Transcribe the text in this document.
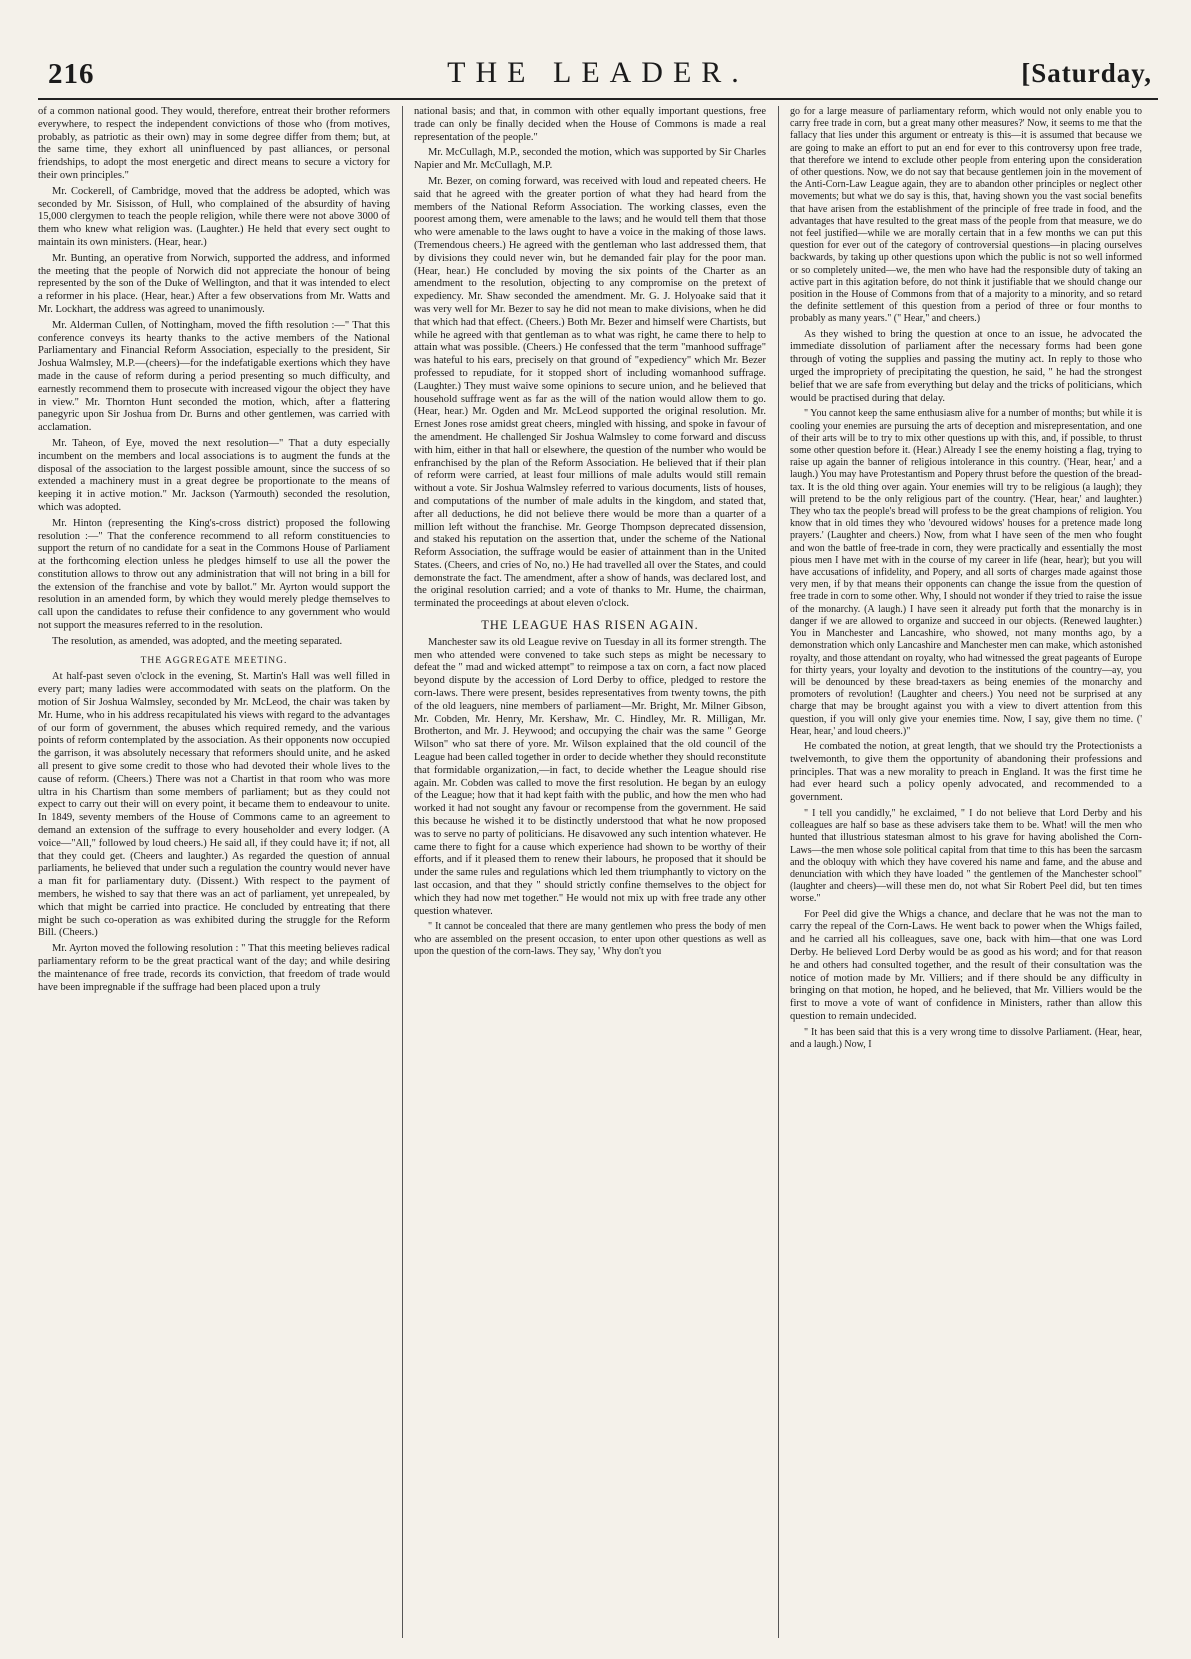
216	THE LEADER.	[Saturday,

of a common national good. They would, therefore, entreat their brother reformers everywhere, to respect the independent convictions of those who (from motives, probably, as patriotic as their own) may in some degree differ from them; but, at the same time, they exhort all uninfluenced by past alliances, or personal friendships, to adopt the most energetic and direct means to secure a victory for their own principles."

Mr. Cockerell, of Cambridge, moved that the address be adopted, which was seconded by Mr. Sisisson, of Hull, who complained of the absurdity of having 15,000 clergymen to teach the people religion, while there were not above 3000 of them who knew what religion was. (Laughter.) He held that every sect ought to maintain its own ministers. (Hear, hear.)

Mr. Bunting, an operative from Norwich, supported the address, and informed the meeting that the people of Norwich did not appreciate the honour of being represented by the son of the Duke of Wellington, and that it was intended to elect a reformer in his place. (Hear, hear.) After a few observations from Mr. Watts and Mr. Lockhart, the address was agreed to unanimously.

Mr. Alderman Cullen, of Nottingham, moved the fifth resolution :—" That this conference conveys its hearty thanks to the active members of the National Parliamentary and Financial Reform Association, especially to the president, Sir Joshua Walmsley, M.P.—(cheers)—for the indefatigable exertions which they have made in the cause of reform during a period presenting so much difficulty, and earnestly recommend them to prosecute with increased vigour the object they have in view." Mr. Thornton Hunt seconded the motion, which, after a flattering panegyric upon Sir Joshua from Dr. Burns and other gentlemen, was carried with acclamation.

Mr. Taheon, of Eye, moved the next resolution—" That a duty especially incumbent on the members and local associations is to augment the funds at the disposal of the association to the largest possible amount, since the success of so extended a machinery must in a great degree be proportionate to the means of keeping it in active motion." Mr. Jackson (Yarmouth) seconded the resolution, which was adopted.

Mr. Hinton (representing the King's-cross district) proposed the following resolution :—" That the conference recommend to all reform constituencies to support the return of no candidate for a seat in the Commons House of Parliament at the forthcoming election unless he pledges himself to use all the power the constitution allows to throw out any administration that will not bring in a bill for the extension of the franchise and vote by ballot." Mr. Ayrton would support the resolution in an amended form, by which they would merely pledge themselves to call upon the candidates to refuse their confidence to any government who would not support the measures referred to in the resolution.

The resolution, as amended, was adopted, and the meeting separated.

THE AGGREGATE MEETING.

At half-past seven o'clock in the evening, St. Martin's Hall was well filled in every part; many ladies were accommodated with seats on the platform. On the motion of Sir Joshua Walmsley, seconded by Mr. McLeod, the chair was taken by Mr. Hume, who in his address recapitulated his views with regard to the advantages of our form of government, the abuses which required remedy, and the various points of reform contemplated by the association. As their opponents now occupied the garrison, it was absolutely necessary that reformers should unite, and he asked all present to give some credit to those who had devoted their whole lives to the cause of reform. (Cheers.) There was not a Chartist in that room who was more ultra in his Chartism than some members of parliament; but as they could not expect to carry out their will on every point, it became them to endeavour to unite. In 1849, seventy members of the House of Commons came to an agreement to demand an extension of the suffrage to every householder and every lodger. (A voice—"All," followed by loud cheers.) He said all, if they could have it; if not, all that they could get. (Cheers and laughter.) As regarded the question of annual parliaments, he believed that under such a regulation the country would never have a man fit for parliamentary duty. (Dissent.) With respect to the payment of members, he wished to say that there was an act of parliament, yet unrepealed, by which that might be carried into practice. He concluded by entreating that there might be such co-operation as was exhibited during the struggle for the Reform Bill. (Cheers.)

Mr. Ayrton moved the following resolution : " That this meeting believes radical parliamentary reform to be the great practical want of the day; and while desiring the maintenance of free trade, records its conviction, that freedom of trade would have been impregnable if the suffrage had been placed upon a truly

national basis; and that, in common with other equally important questions, free trade can only be finally decided when the House of Commons is made a real representation of the people."

Mr. McCullagh, M.P., seconded the motion, which was supported by Sir Charles Napier and Mr. McCullagh, M.P.

Mr. Bezer, on coming forward, was received with loud and repeated cheers. He said that he agreed with the greater portion of what they had heard from the members of the National Reform Association. The working classes, even the poorest among them, were amenable to the laws; and he would tell them that those who were amenable to the laws ought to have a voice in the making of those laws. (Tremendous cheers.) He agreed with the gentleman who last addressed them, that by divisions they could never win, but he demanded fair play for the poor man. (Hear, hear.) He concluded by moving the six points of the Charter as an amendment to the resolution, objecting to any compromise on the pretext of expediency. Mr. Shaw seconded the amendment. Mr. G. J. Holyoake said that it was very well for Mr. Bezer to say he did not mean to make divisions, when he did that which had that effect. (Cheers.) Both Mr. Bezer and himself were Chartists, but while he agreed with that gentleman as to what was right, he came there to help to attain what was possible. (Cheers.) He confessed that the term "manhood suffrage" was hateful to his ears, precisely on that ground of "expediency" which Mr. Bezer professed to repudiate, for it stopped short of including womanhood suffrage. (Laughter.) They must waive some opinions to secure union, and he believed that household suffrage went as far as the will of the nation would allow them to go. (Hear, hear.) Mr. Ogden and Mr. McLeod supported the original resolution. Mr. Ernest Jones rose amidst great cheers, mingled with hissing, and spoke in favour of the amendment. He challenged Sir Joshua Walmsley to come forward and discuss with him, either in that hall or elsewhere, the question of the number who would be enfranchised by the plan of the Reform Association. He believed that if their plan of reform were carried, at least four millions of male adults would still remain without a vote. Sir Joshua Walmsley referred to various documents, lists of houses, and computations of the number of male adults in the kingdom, and stated that, after all deductions, he did not believe there would be more than a quarter of a million left without the franchise. Mr. George Thompson deprecated dissension, and staked his reputation on the assertion that, under the scheme of the National Reform Association, the suffrage would be easier of attainment than in the United States. (Cheers, and cries of No, no.) He had travelled all over the States, and could demonstrate the fact. The amendment, after a show of hands, was declared lost, and the original resolution carried; and a vote of thanks to Mr. Hume, the chairman, terminated the proceedings at about eleven o'clock.

THE LEAGUE HAS RISEN AGAIN.

Manchester saw its old League revive on Tuesday in all its former strength. The men who attended were convened to take such steps as might be necessary to defeat the " mad and wicked attempt" to reimpose a tax on corn, a fact now placed beyond dispute by the accession of Lord Derby to office, pledged to restore the corn-laws. There were present, besides representatives from twenty towns, the pith of the old leaguers, nine members of parliament—Mr. Bright, Mr. Milner Gibson, Mr. Cobden, Mr. Henry, Mr. Kershaw, Mr. C. Hindley, Mr. R. Milligan, Mr. Brotherton, and Mr. J. Heywood; and occupying the chair was the same " George Wilson" who sat there of yore. Mr. Wilson explained that the old council of the League had been called together in order to decide whether they should reconstitute that formidable organization,—in fact, to decide whether the League should rise again. Mr. Cobden was called to move the first resolution. He began by an eulogy of the League; how that it had kept faith with the public, and how the men who had worked it had not sought any favour or recompense from the government. He said this because he wished it to be distinctly understood that what he now proposed was to serve no party of politicians. He disavowed any such intention whatever. He came there to fight for a cause which experience had shown to be worthy of their efforts, and if it pleased them to renew their labours, he proposed that it should be under the same rules and regulations which led them triumphantly to victory on the last occasion, and that they " should strictly confine themselves to the object for which they had now met together." He would not mix up with free trade any other question whatever.

" It cannot be concealed that there are many gentlemen who press the body of men who are assembled on the present occasion, to enter upon other questions as well as upon the question of the corn-laws. They say, ' Why don't you

go for a large measure of parliamentary reform, which would not only enable you to carry free trade in corn, but a great many other measures?' Now, it seems to me that the fallacy that lies under this argument or entreaty is this—it is assumed that because we are going to make an effort to put an end for ever to this controversy upon free trade, that therefore we intend to exclude other people from entering upon the consideration of other questions. Now, we do not say that because gentlemen join in the movement of the Anti-Corn-Law League again, they are to abandon other principles or neglect other movements; but what we do say is this, that, having shown you the vast social benefits that have arisen from the establishment of the principle of free trade in food, and the advantages that have resulted to the great mass of the people from that measure, we do not feel justified—while we are morally certain that in a few months we can put this question for ever out of the category of controversial questions—in placing ourselves backwards, by taking up other questions upon which the public is not so well informed or so completely united—we, the men who have had the responsible duty of taking an active part in this agitation before, do not think it justifiable that we should change our position in the House of Commons from that of a majority to a minority, and so retard the definite settlement of this question from a period of three or four months to probably as many years." (" Hear," and cheers.)

As they wished to bring the question at once to an issue, he advocated the immediate dissolution of parliament after the necessary forms had been gone through of voting the supplies and passing the mutiny act. In reply to those who urged the impropriety of precipitating the question, he said, " he had the strongest belief that we are safe from everything but delay and the tricks of politicians, which would be practised during that delay.

" You cannot keep the same enthusiasm alive for a number of months; but while it is cooling your enemies are pursuing the arts of deception and misrepresentation, and one of their arts will be to try to mix other questions up with this, and, if possible, to thrust some other question before it. (Hear.) Already I see the enemy hoisting a flag, trying to raise up again the banner of religious intolerance in this country. ('Hear, hear,' and a laugh.) You may have Protestantism and Popery thrust before the question of the bread-tax. It is the old thing over again. Your enemies will try to be religious (a laugh); they will pretend to be the only religious part of the country. ('Hear, hear,' and laughter.) They who tax the people's bread will profess to be the great champions of religion. You know that in old times they who 'devoured widows' houses for a pretence made long prayers.' (Laughter and cheers.) Now, from what I have seen of the men who fought and won the battle of free-trade in corn, they were practically and essentially the most pious men I have met with in the course of my career in life (hear, hear); but you will have accusations of infidelity, and Popery, and all sorts of charges made against those very men, if by that means their opponents can change the issue from the question of free trade in corn to some other. Why, I should not wonder if they tried to raise the issue of the monarchy. (A laugh.) I have seen it already put forth that the monarchy is in danger if we are allowed to organize and succeed in our objects. (Renewed laughter.) You in Manchester and Lancashire, who showed, not many months ago, by a demonstration which only Lancashire and Manchester men can make, which astonished royalty, and those attendant on royalty, who had witnessed the great pageants of Europe for thirty years, your loyalty and devotion to the institutions of the country—ay, you will be denounced by these bread-taxers as being enemies of the monarchy and promoters of revolution! (Laughter and cheers.) You need not be surprised at any charge that may be brought against you with a view to divert attention from this question, if you will only give your enemies time. Now, I say, give them no time. (' Hear, hear,' and loud cheers.)"

He combated the notion, at great length, that we should try the Protectionists a twelvemonth, to give them the opportunity of abandoning their professions and principles. That was a new morality to preach in England. It was the first time he had ever heard such a policy openly advocated, and recommended to a government.

" I tell you candidly," he exclaimed, " I do not believe that Lord Derby and his colleagues are half so base as these advisers take them to be. What! will the men who hunted that illustrious statesman almost to his grave for having abolished the Corn-Laws—the men whose sole political capital from that time to this has been the sarcasm and the obloquy with which they have covered his name and fame, and the abuse and denunciation with which they have loaded " the gentlemen of the Manchester school" (laughter and cheers)—will these men do, not what Sir Robert Peel did, but ten times worse."

For Peel did give the Whigs a chance, and declare that he was not the man to carry the repeal of the Corn-Laws. He went back to power when the Whigs failed, and he carried all his colleagues, save one, back with him—that one was Lord Derby. He believed Lord Derby would be as good as his word; and for that reason he and others had consulted together, and the result of their consultation was the notice of motion made by Mr. Villiers; and if there should be any difficulty in bringing on that motion, he hoped, and he believed, that Mr. Villiers would be the first to move a vote of want of confidence in Ministers, rather than allow this question to remain undecided.

" It has been said that this is a very wrong time to dissolve Parliament. (Hear, hear, and a laugh.) Now, I
